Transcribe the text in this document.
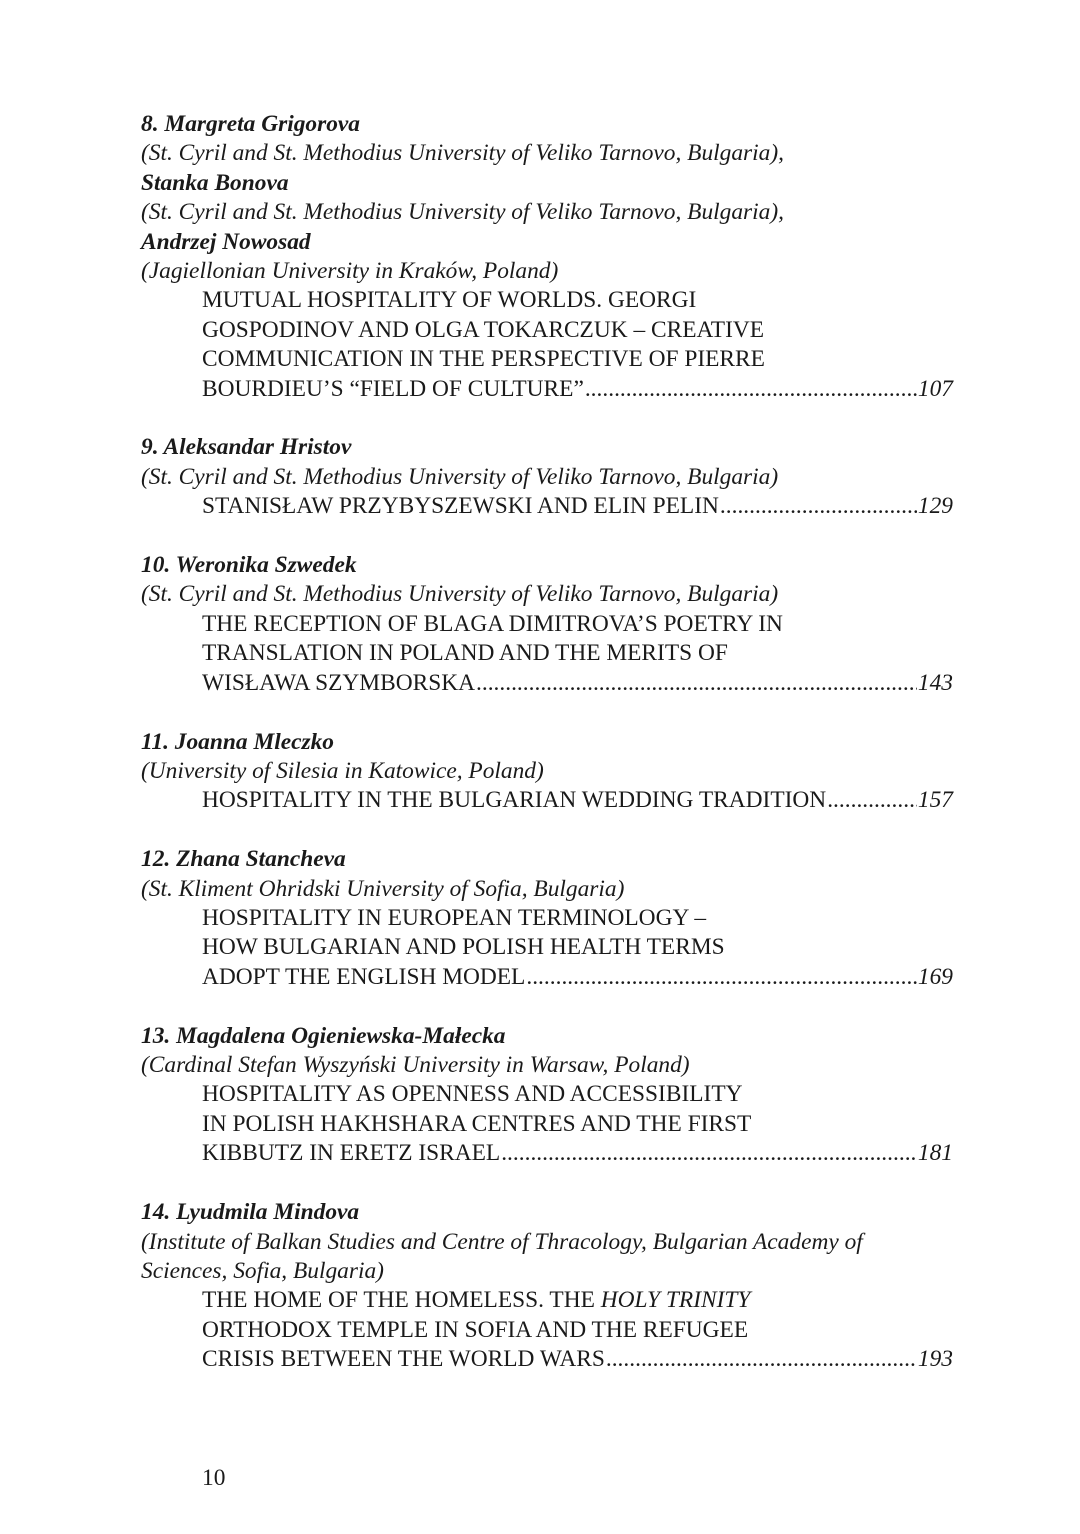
8. Margreta Grigorova
(St. Cyril and St. Methodius University of Veliko Tarnovo, Bulgaria),
Stanka Bonova
(St. Cyril and St. Methodius University of Veliko Tarnovo, Bulgaria),
Andrzej Nowosad
(Jagiellonian University in Kraków, Poland)
MUTUAL HOSPITALITY OF WORLDS. GEORGI
GOSPODINOV AND OLGA TOKARCZUK – CREATIVE
COMMUNICATION IN THE PERSPECTIVE OF PIERRE
BOURDIEU’S “FIELD OF CULTURE” .....	107
9. Aleksandar Hristov
(St. Cyril and St. Methodius University of Veliko Tarnovo, Bulgaria)
STANISŁAW PRZYBYSZEWSKI AND ELIN PELIN .....	129
10. Weronika Szwedek
(St. Cyril and St. Methodius University of Veliko Tarnovo, Bulgaria)
THE RECEPTION OF BLAGA DIMITROVA’S POETRY IN
TRANSLATION IN POLAND AND THE MERITS OF
WISŁAWA SZYMBORSKA .....	143
11. Joanna Mleczko
(University of Silesia in Katowice, Poland)
HOSPITALITY IN THE BULGARIAN WEDDING TRADITION .....	157
12. Zhana Stancheva
(St. Kliment Ohridski University of Sofia, Bulgaria)
HOSPITALITY IN EUROPEAN TERMINOLOGY –
HOW BULGARIAN AND POLISH HEALTH TERMS
ADOPT THE ENGLISH MODEL .....	169
13. Magdalena Ogieniewska-Małecka
(Cardinal Stefan Wyszyński University in Warsaw, Poland)
HOSPITALITY AS OPENNESS AND ACCESSIBILITY
IN POLISH HAKHSHARA CENTRES AND THE FIRST
KIBBUTZ IN ERETZ ISRAEL .....	181
14. Lyudmila Mindova
(Institute of Balkan Studies and Centre of Thracology, Bulgarian Academy of Sciences, Sofia, Bulgaria)
THE HOME OF THE HOMELESS. THE HOLY TRINITY
ORTHODOX TEMPLE IN SOFIA AND THE REFUGEE
CRISIS BETWEEN THE WORLD WARS .....	193
10
